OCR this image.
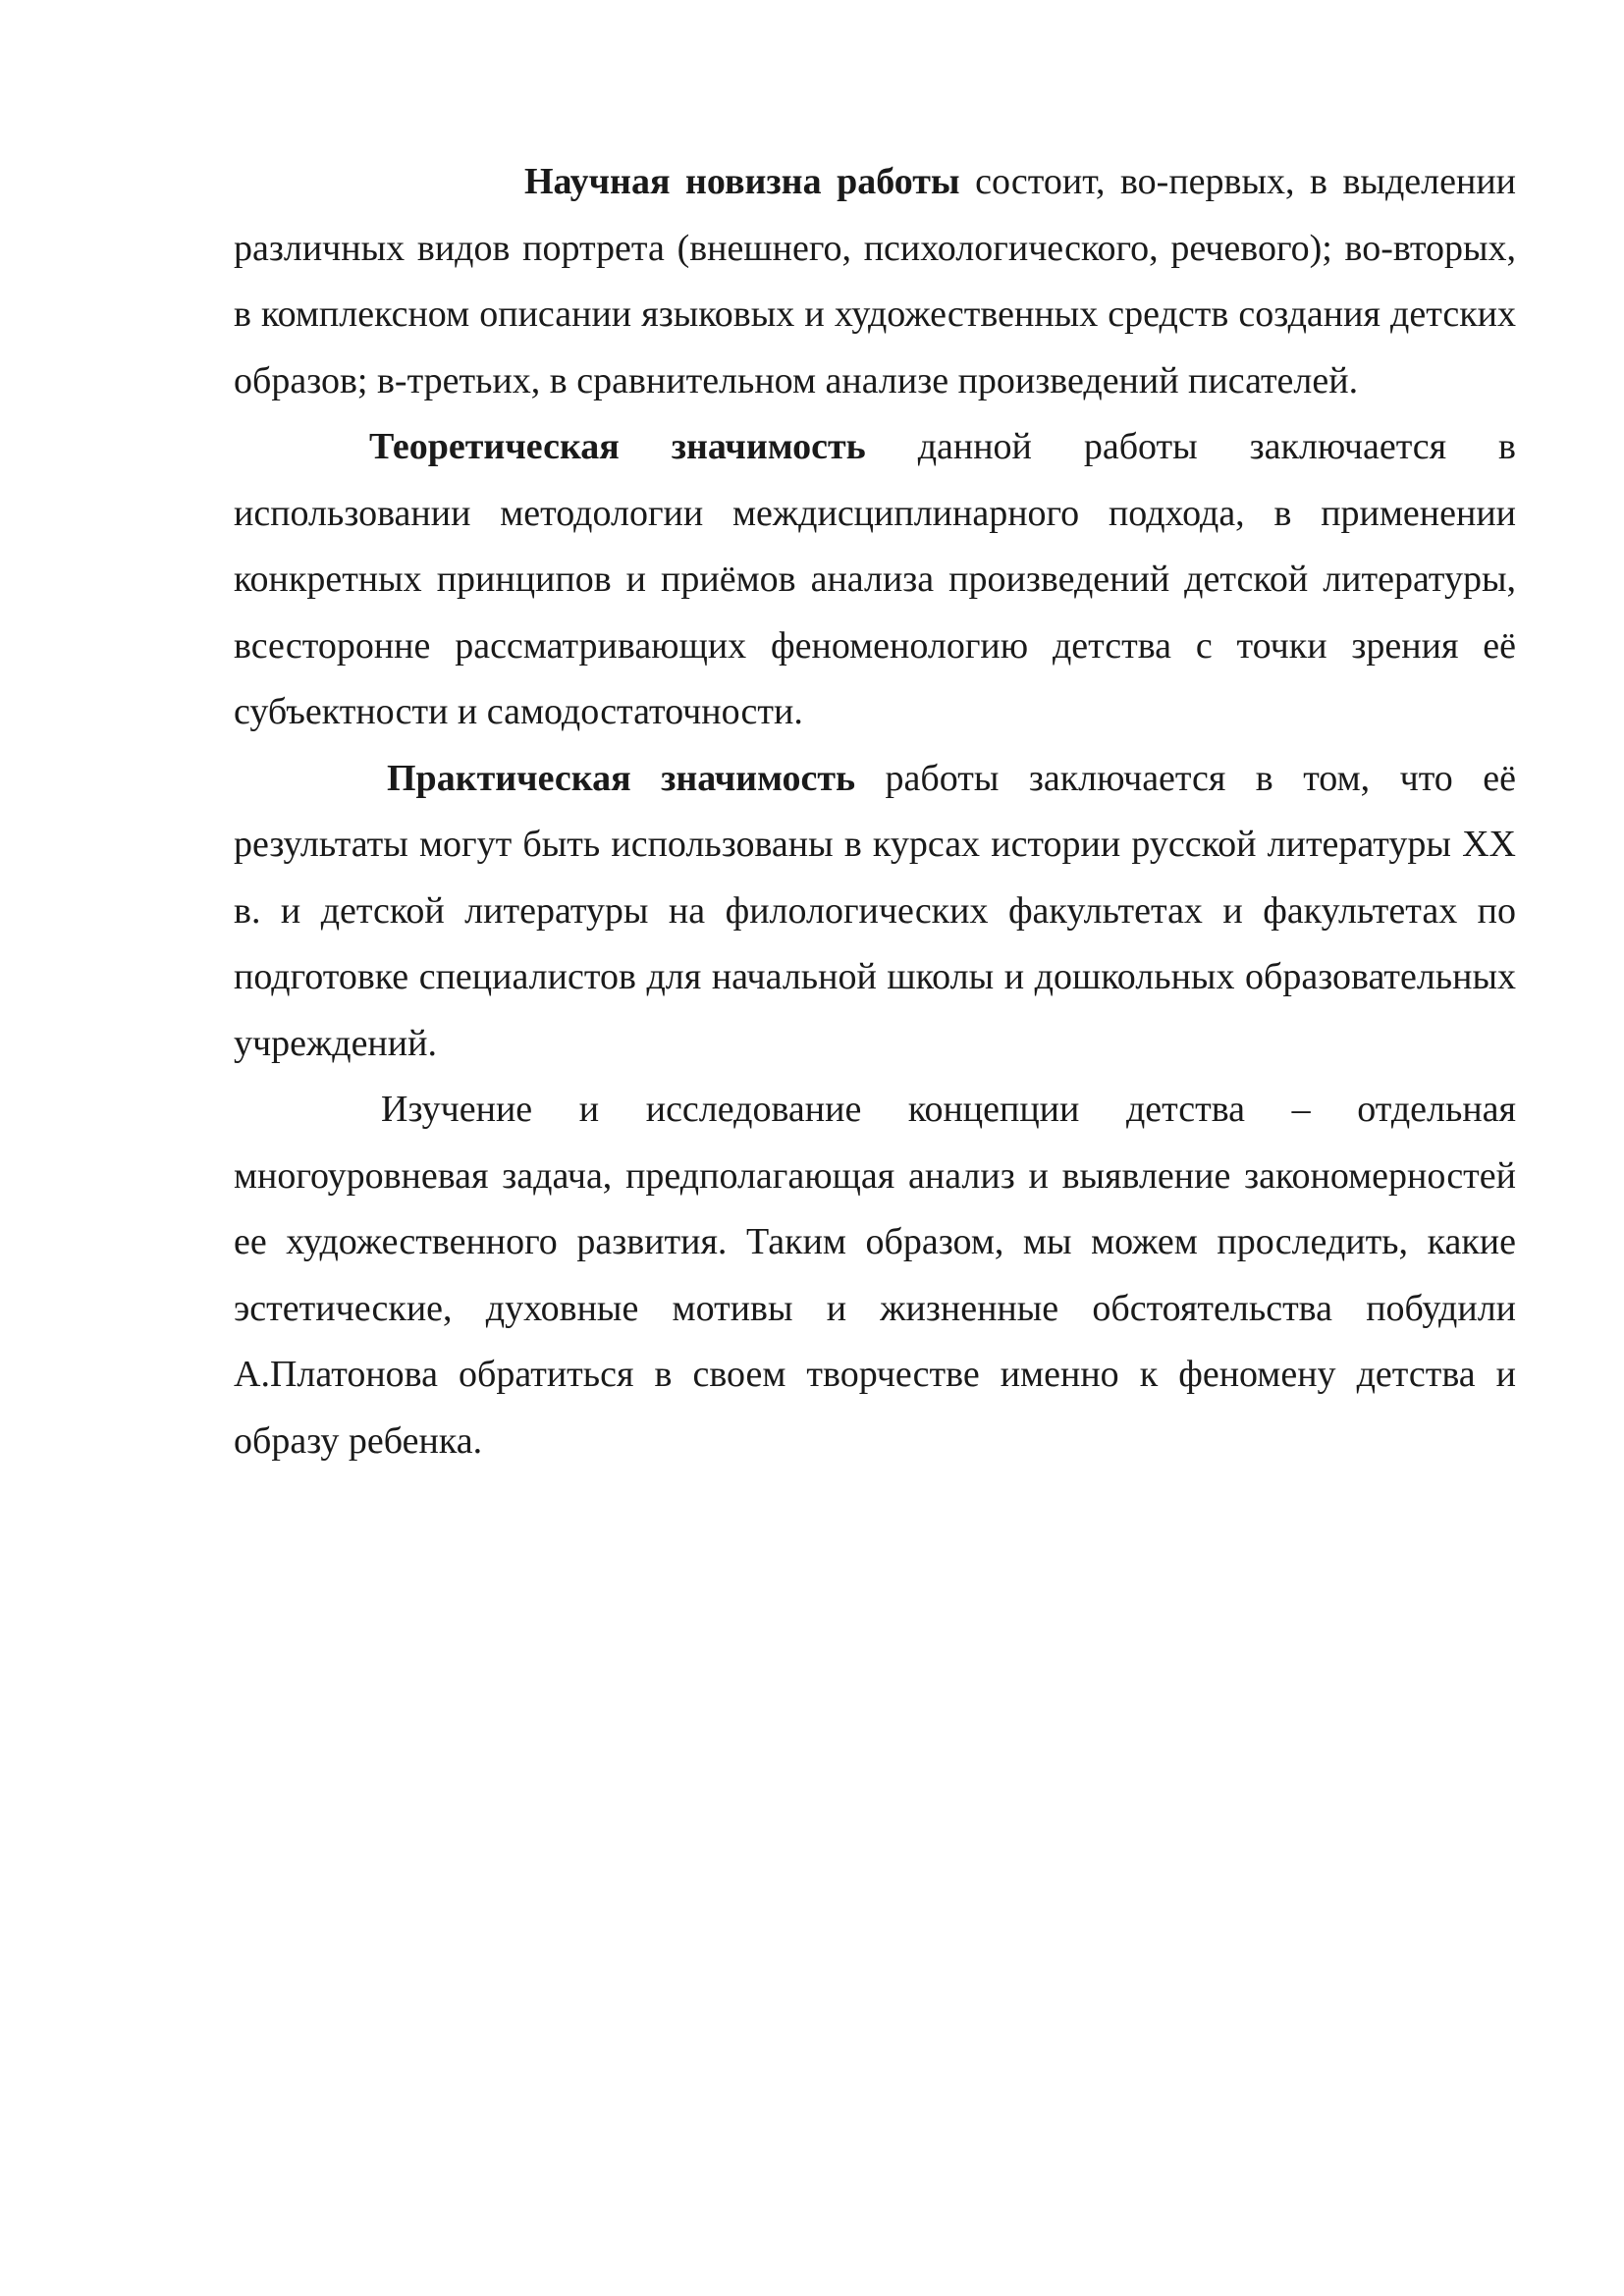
Научная новизна работы состоит, во-первых, в выделении различных видов портрета (внешнего, психологического, речевого); во-вторых, в комплексном описании языковых и художественных средств создания детских образов; в-третьих, в сравнительном анализе произведений писателей.

Теоретическая значимость данной работы заключается в использовании методологии междисциплинарного подхода, в применении конкретных принципов и приёмов анализа произведений детской литературы, всесторонне рассматривающих феноменологию детства с точки зрения её субъектности и самодостаточности.

Практическая значимость работы заключается в том, что её результаты могут быть использованы в курсах истории русской литературы XX в. и детской литературы на филологических факультетах и факультетах по подготовке специалистов для начальной школы и дошкольных образовательных учреждений.

Изучение и исследование концепции детства – отдельная многоуровневая задача, предполагающая анализ и выявление закономерностей ее художественного развития. Таким образом, мы можем проследить, какие эстетические, духовные мотивы и жизненные обстоятельства побудили А.Платонова обратиться в своем творчестве именно к феномену детства и образу ребенка.
